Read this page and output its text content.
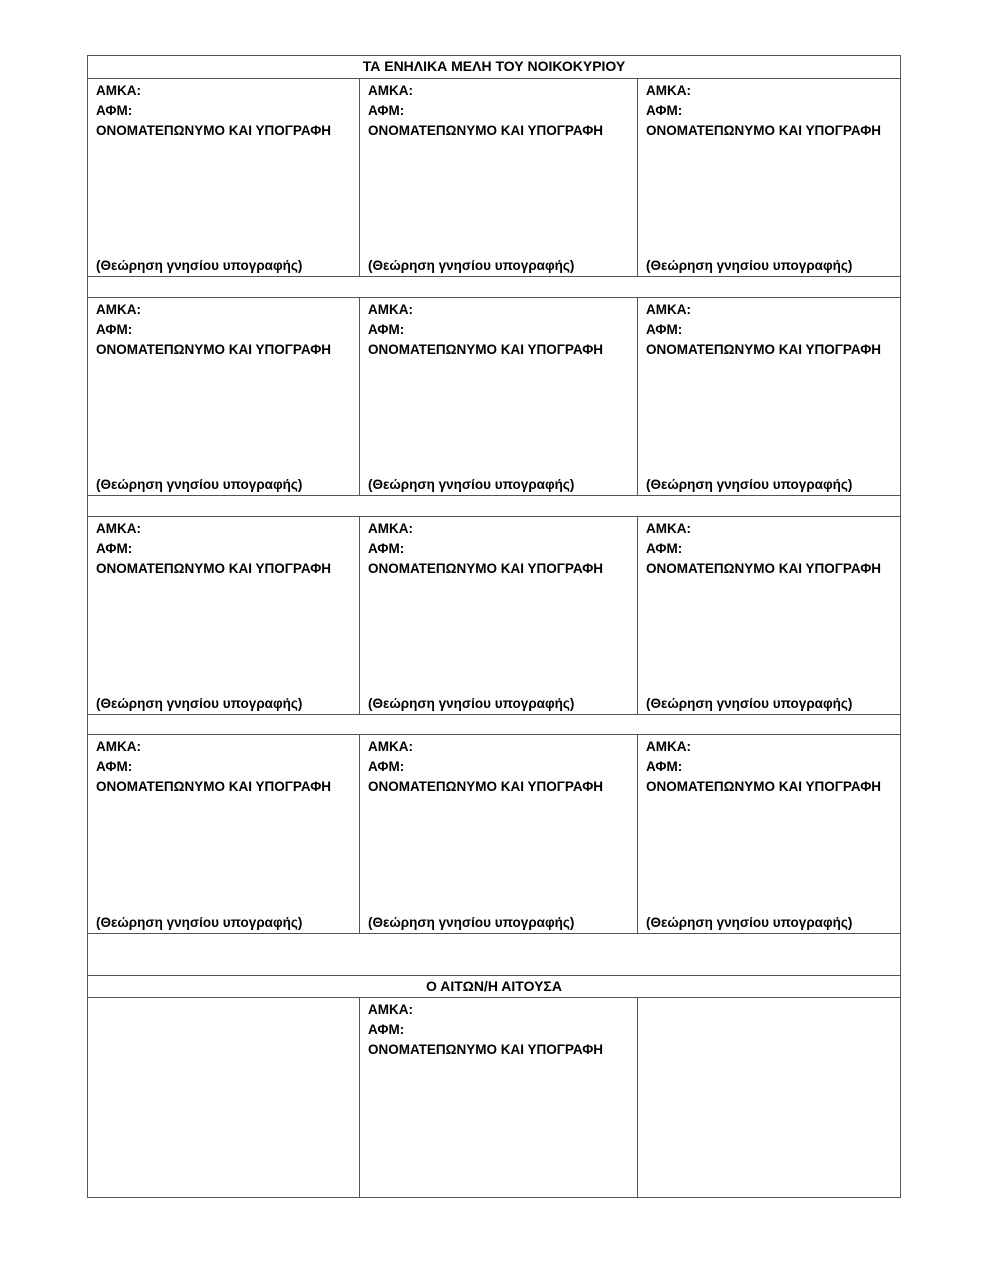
ΤΑ ΕΝΗΛΙΚΑ ΜΕΛΗ ΤΟΥ ΝΟΙΚΟΚΥΡΙΟΥ
ΑΜΚΑ:
ΑΦΜ:
ΟΝΟΜΑΤΕΠΩΝΥΜΟ ΚΑΙ ΥΠΟΓΡΑΦΗ
(Θεώρηση γνησίου υπογραφής)
ΑΜΚΑ:
ΑΦΜ:
ΟΝΟΜΑΤΕΠΩΝΥΜΟ ΚΑΙ ΥΠΟΓΡΑΦΗ
(Θεώρηση γνησίου υπογραφής)
ΑΜΚΑ:
ΑΦΜ:
ΟΝΟΜΑΤΕΠΩΝΥΜΟ ΚΑΙ ΥΠΟΓΡΑΦΗ
(Θεώρηση γνησίου υπογραφής)
ΑΜΚΑ:
ΑΦΜ:
ΟΝΟΜΑΤΕΠΩΝΥΜΟ ΚΑΙ ΥΠΟΓΡΑΦΗ
(Θεώρηση γνησίου υπογραφής)
ΑΜΚΑ:
ΑΦΜ:
ΟΝΟΜΑΤΕΠΩΝΥΜΟ ΚΑΙ ΥΠΟΓΡΑΦΗ
(Θεώρηση γνησίου υπογραφής)
ΑΜΚΑ:
ΑΦΜ:
ΟΝΟΜΑΤΕΠΩΝΥΜΟ ΚΑΙ ΥΠΟΓΡΑΦΗ
(Θεώρηση γνησίου υπογραφής)
ΑΜΚΑ:
ΑΦΜ:
ΟΝΟΜΑΤΕΠΩΝΥΜΟ ΚΑΙ ΥΠΟΓΡΑΦΗ
(Θεώρηση γνησίου υπογραφής)
ΑΜΚΑ:
ΑΦΜ:
ΟΝΟΜΑΤΕΠΩΝΥΜΟ ΚΑΙ ΥΠΟΓΡΑΦΗ
(Θεώρηση γνησίου υπογραφής)
ΑΜΚΑ:
ΑΦΜ:
ΟΝΟΜΑΤΕΠΩΝΥΜΟ ΚΑΙ ΥΠΟΓΡΑΦΗ
(Θεώρηση γνησίου υπογραφής)
ΑΜΚΑ:
ΑΦΜ:
ΟΝΟΜΑΤΕΠΩΝΥΜΟ ΚΑΙ ΥΠΟΓΡΑΦΗ
(Θεώρηση γνησίου υπογραφής)
ΑΜΚΑ:
ΑΦΜ:
ΟΝΟΜΑΤΕΠΩΝΥΜΟ ΚΑΙ ΥΠΟΓΡΑΦΗ
(Θεώρηση γνησίου υπογραφής)
ΑΜΚΑ:
ΑΦΜ:
ΟΝΟΜΑΤΕΠΩΝΥΜΟ ΚΑΙ ΥΠΟΓΡΑΦΗ
(Θεώρηση γνησίου υπογραφής)
Ο ΑΙΤΩΝ/Η ΑΙΤΟΥΣΑ
ΑΜΚΑ:
ΑΦΜ:
ΟΝΟΜΑΤΕΠΩΝΥΜΟ ΚΑΙ ΥΠΟΓΡΑΦΗ
